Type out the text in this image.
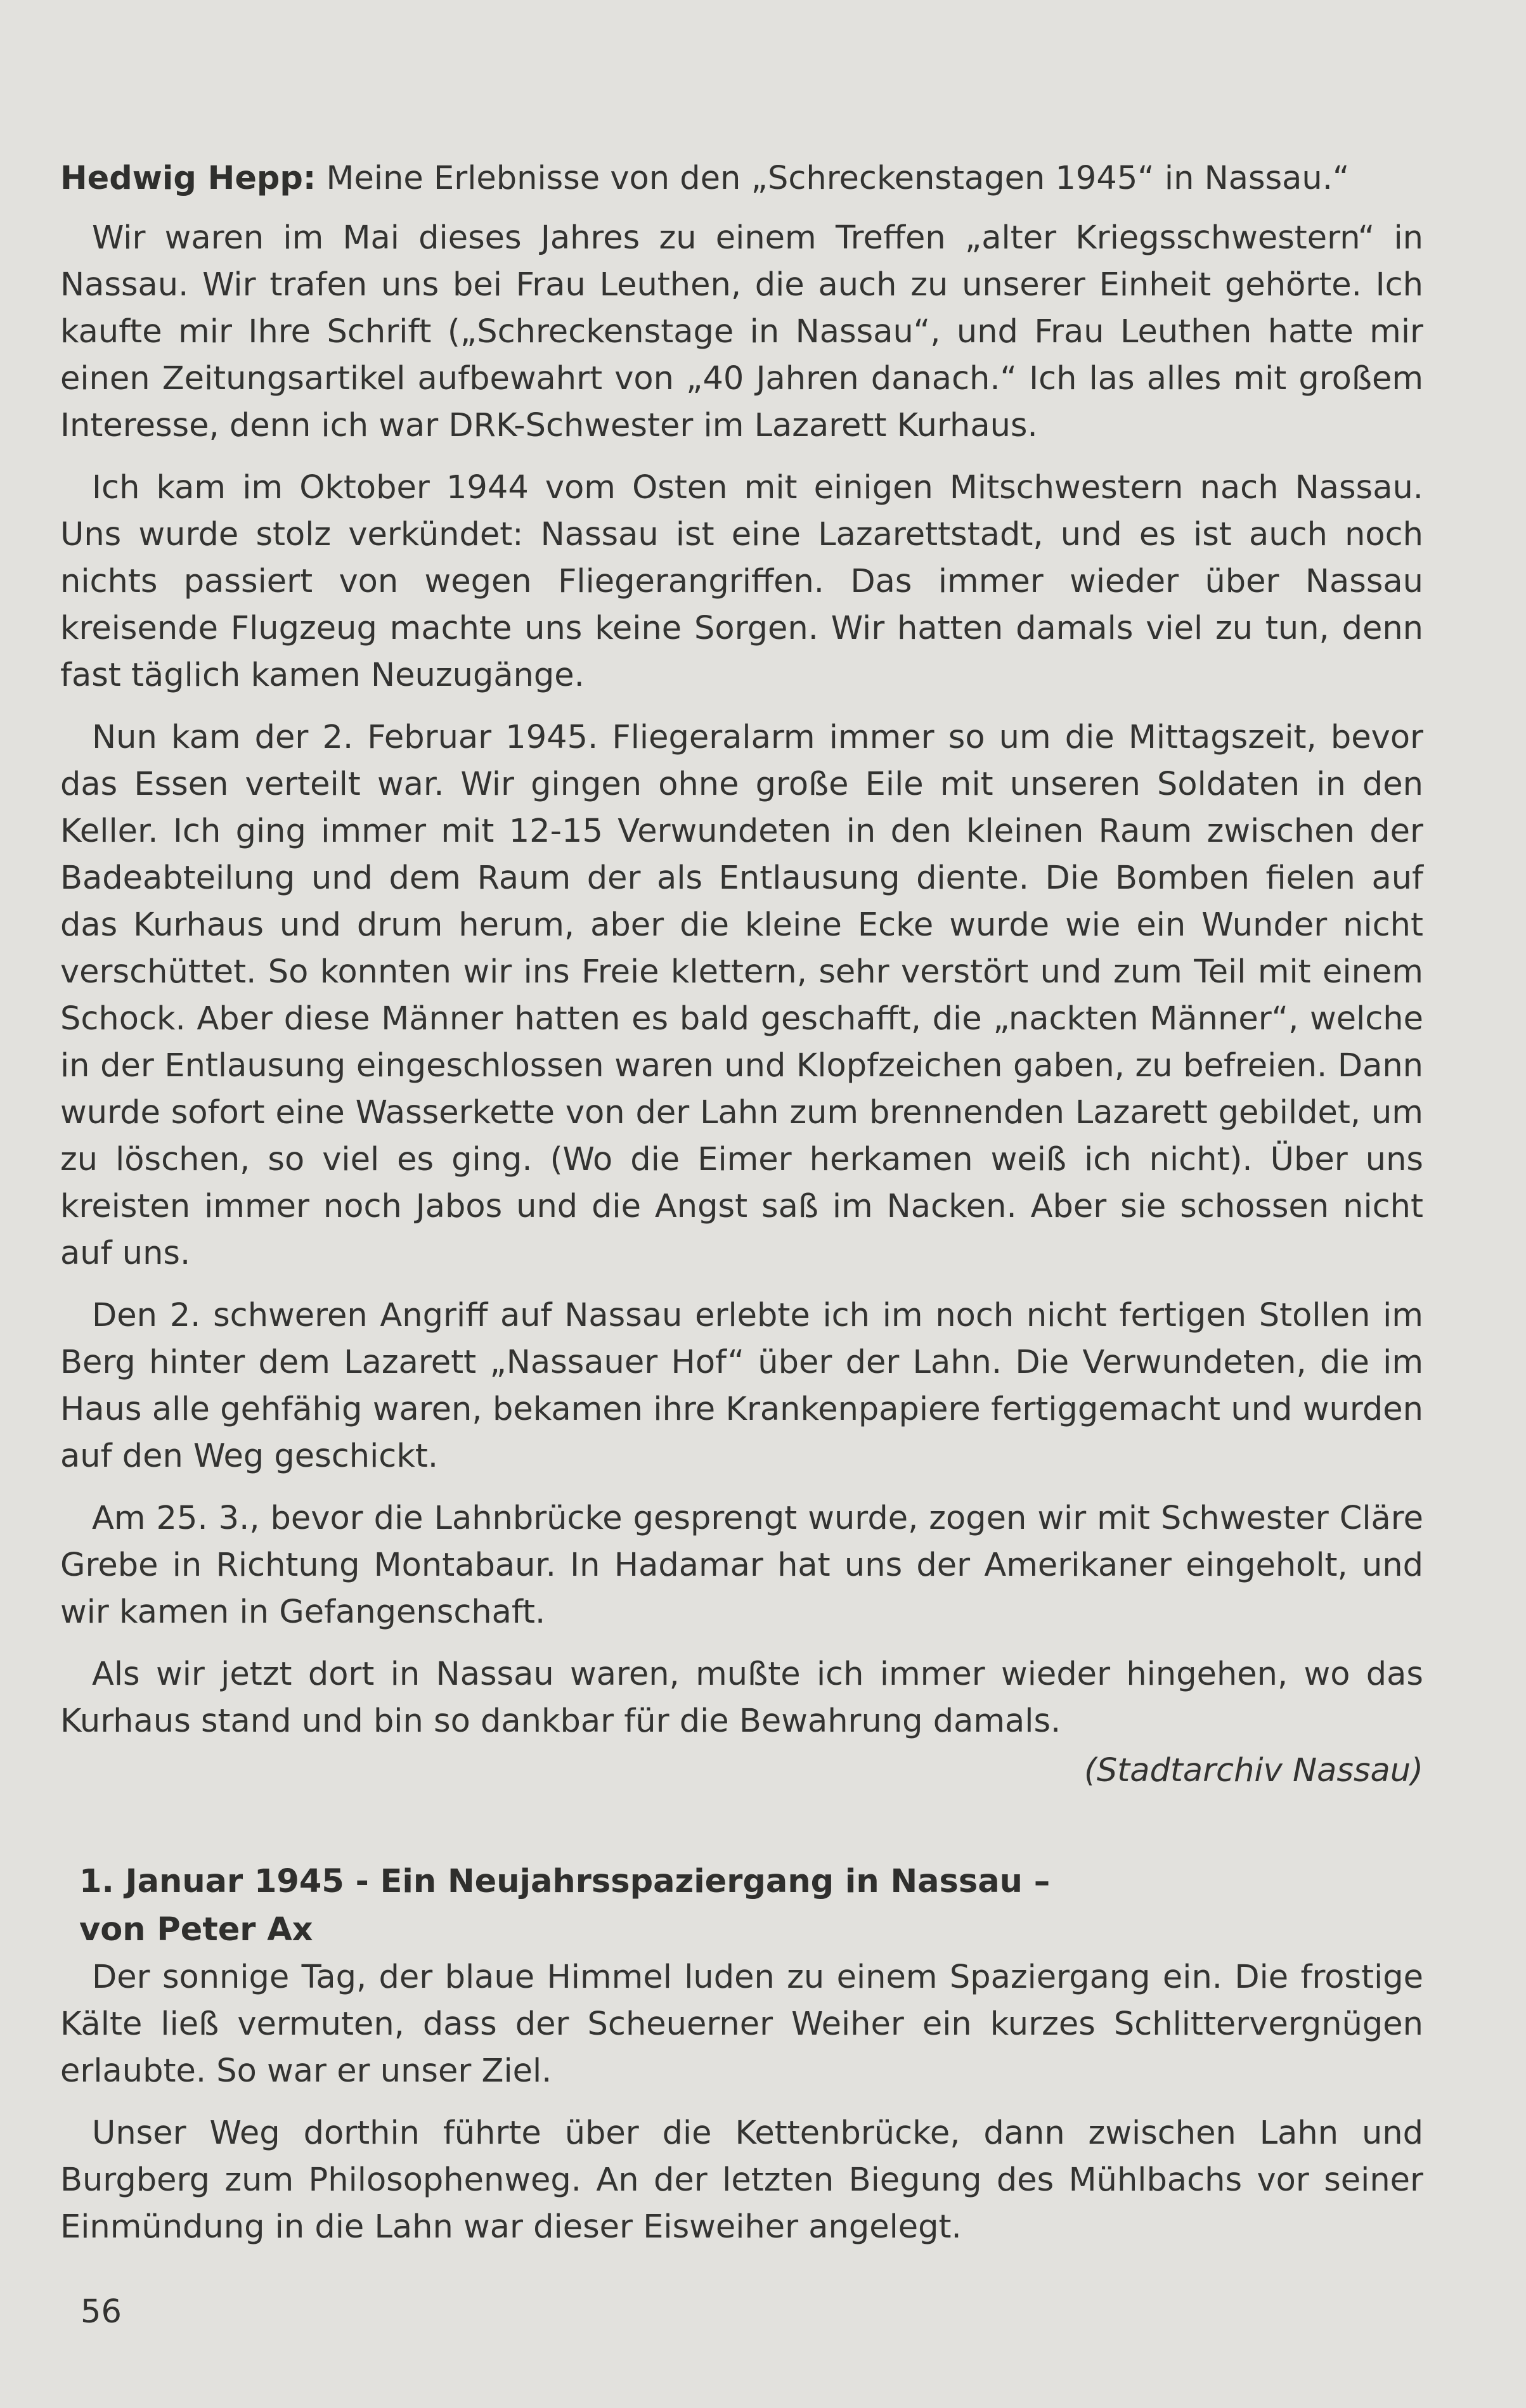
Hedwig Hepp: Meine Erlebnisse von den „Schreckenstagen 1945“ in Nassau.“

Wir waren im Mai dieses Jahres zu einem Treffen „alter Kriegsschwestern“ in Nassau. Wir trafen uns bei Frau Leuthen, die auch zu unserer Einheit gehörte. Ich kaufte mir Ihre Schrift („Schreckenstage in Nassau“, und Frau Leuthen hatte mir einen Zeitungsartikel aufbewahrt von „40 Jahren danach.“ Ich las alles mit großem Interesse, denn ich war DRK-Schwester im Lazarett Kurhaus.

Ich kam im Oktober 1944 vom Osten mit einigen Mitschwestern nach Nassau. Uns wurde stolz verkündet: Nassau ist eine Lazarettstadt, und es ist auch noch nichts passiert von wegen Fliegerangriffen. Das immer wieder über Nassau kreisende Flugzeug machte uns keine Sorgen. Wir hatten damals viel zu tun, denn fast täglich kamen Neuzugänge.

Nun kam der 2. Februar 1945. Fliegeralarm immer so um die Mittagszeit, bevor das Essen verteilt war. Wir gingen ohne große Eile mit unseren Soldaten in den Keller. Ich ging immer mit 12-15 Verwundeten in den kleinen Raum zwischen der Badeabteilung und dem Raum der als Entlausung diente. Die Bomben fielen auf das Kurhaus und drum herum, aber die kleine Ecke wurde wie ein Wunder nicht verschüttet. So konnten wir ins Freie klettern, sehr verstört und zum Teil mit einem Schock. Aber diese Männer hatten es bald geschafft, die „nackten Männer“, welche in der Entlausung eingeschlossen waren und Klopfzeichen gaben, zu befreien. Dann wurde sofort eine Wasserkette von der Lahn zum brennenden Lazarett gebildet, um zu löschen, so viel es ging. (Wo die Eimer herkamen weiß ich nicht). Über uns kreisten immer noch Jabos und die Angst saß im Nacken. Aber sie schossen nicht auf uns.

Den 2. schweren Angriff auf Nassau erlebte ich im noch nicht fertigen Stollen im Berg hinter dem Lazarett „Nassauer Hof“ über der Lahn. Die Verwundeten, die im Haus alle gehfähig waren, bekamen ihre Krankenpapiere fertiggemacht und wurden auf den Weg geschickt.

Am 25. 3., bevor die Lahnbrücke gesprengt wurde, zogen wir mit Schwester Cläre Grebe in Richtung Montabaur. In Hadamar hat uns der Amerikaner eingeholt, und wir kamen in Gefangenschaft.

Als wir jetzt dort in Nassau waren, mußte ich immer wieder hingehen, wo das Kurhaus stand und bin so dankbar für die Bewahrung damals.

(Stadtarchiv Nassau)
1. Januar 1945 - Ein Neujahrsspaziergang in Nassau –
von Peter Ax

Der sonnige Tag, der blaue Himmel luden zu einem Spaziergang ein. Die frostige Kälte ließ vermuten, dass der Scheuerner Weiher ein kurzes Schlittervergnügen erlaubte. So war er unser Ziel.

Unser Weg dorthin führte über die Kettenbrücke, dann zwischen Lahn und Burgberg zum Philosophenweg. An der letzten Biegung des Mühlbachs vor seiner Einmündung in die Lahn war dieser Eisweiher angelegt.

56
